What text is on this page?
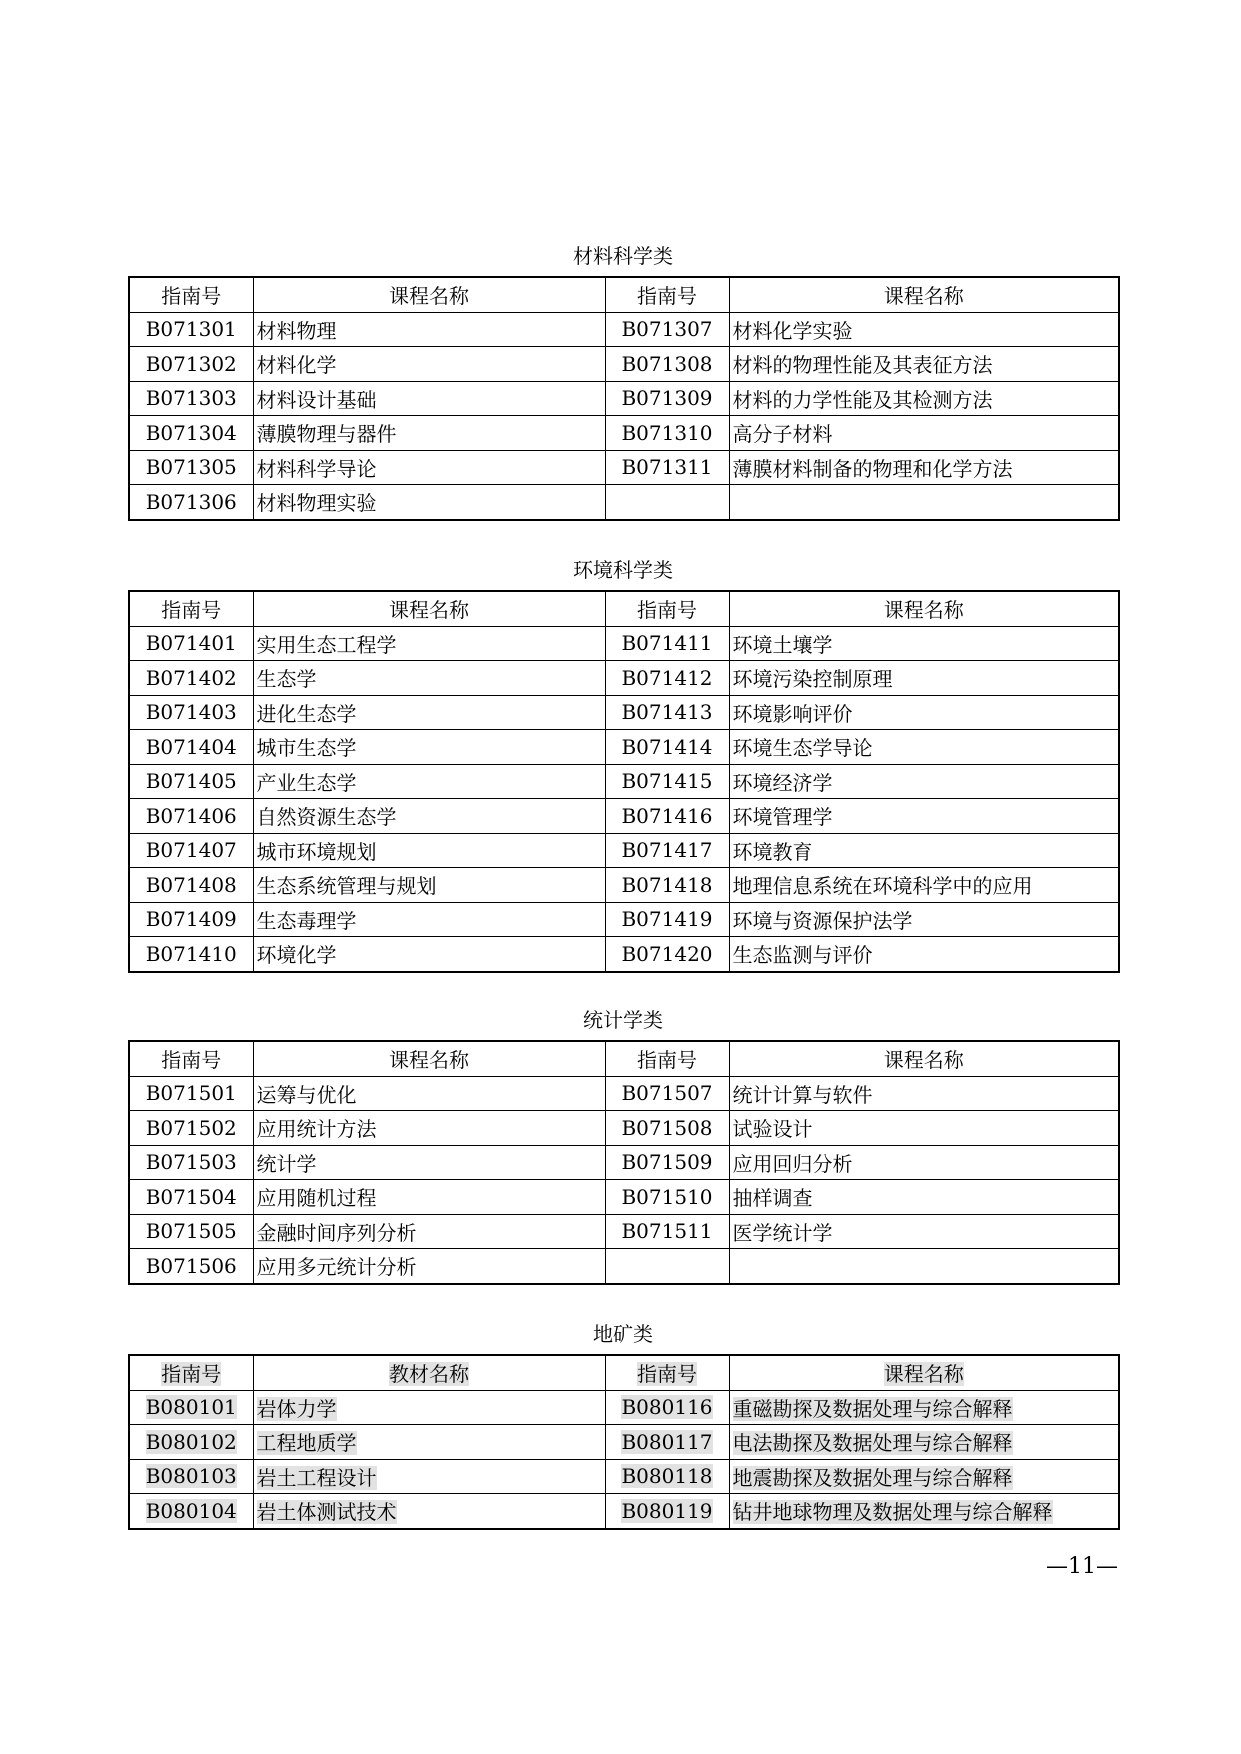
材料科学类
指南号	课程名称	指南号	课程名称
B071301	材料物理	B071307	材料化学实验
B071302	材料化学	B071308	材料的物理性能及其表征方法
B071303	材料设计基础	B071309	材料的力学性能及其检测方法
B071304	薄膜物理与器件	B071310	高分子材料
B071305	材料科学导论	B071311	薄膜材料制备的物理和化学方法
B071306	材料物理实验		
环境科学类
指南号	课程名称	指南号	课程名称
B071401	实用生态工程学	B071411	环境土壤学
B071402	生态学	B071412	环境污染控制原理
B071403	进化生态学	B071413	环境影响评价
B071404	城市生态学	B071414	环境生态学导论
B071405	产业生态学	B071415	环境经济学
B071406	自然资源生态学	B071416	环境管理学
B071407	城市环境规划	B071417	环境教育
B071408	生态系统管理与规划	B071418	地理信息系统在环境科学中的应用
B071409	生态毒理学	B071419	环境与资源保护法学
B071410	环境化学	B071420	生态监测与评价
统计学类
指南号	课程名称	指南号	课程名称
B071501	运筹与优化	B071507	统计计算与软件
B071502	应用统计方法	B071508	试验设计
B071503	统计学	B071509	应用回归分析
B071504	应用随机过程	B071510	抽样调查
B071505	金融时间序列分析	B071511	医学统计学
B071506	应用多元统计分析		
地矿类
指南号	教材名称	指南号	课程名称
B080101	岩体力学	B080116	重磁勘探及数据处理与综合解释
B080102	工程地质学	B080117	电法勘探及数据处理与综合解释
B080103	岩土工程设计	B080118	地震勘探及数据处理与综合解释
B080104	岩土体测试技术	B080119	钻井地球物理及数据处理与综合解释
—11—
